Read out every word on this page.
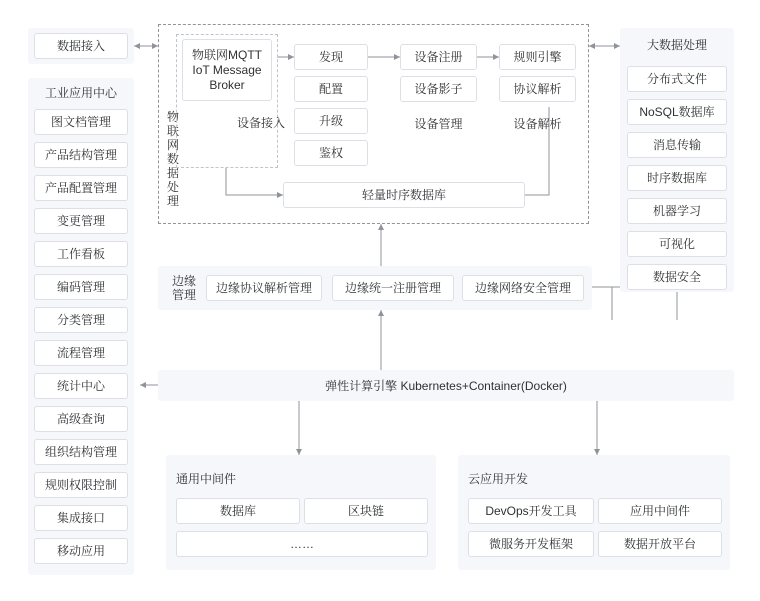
数据接入
工业应用中心
图文档管理
产品结构管理
产品配置管理
变更管理
工作看板
编码管理
分类管理
流程管理
统计中心
高级查询
组织结构管理
规则权限控制
集成接口
移动应用
物联网数据处理
物联网MQTT IoT Message Broker
发现
配置
升级
鉴权
设备接入
设备注册
设备影子
设备管理
规则引擎
协议解析
设备解析
轻量时序数据库
大数据处理
分布式文件
NoSQL数据库
消息传输
时序数据库
机器学习
可视化
数据安全
边缘管理
边缘协议解析管理	边缘统一注册管理	边缘网络安全管理
弹性计算引擎 Kubernetes+Container(Docker)
通用中间件
数据库	区块链
……
云应用开发
DevOps开发工具	应用中间件
微服务开发框架	数据开放平台
